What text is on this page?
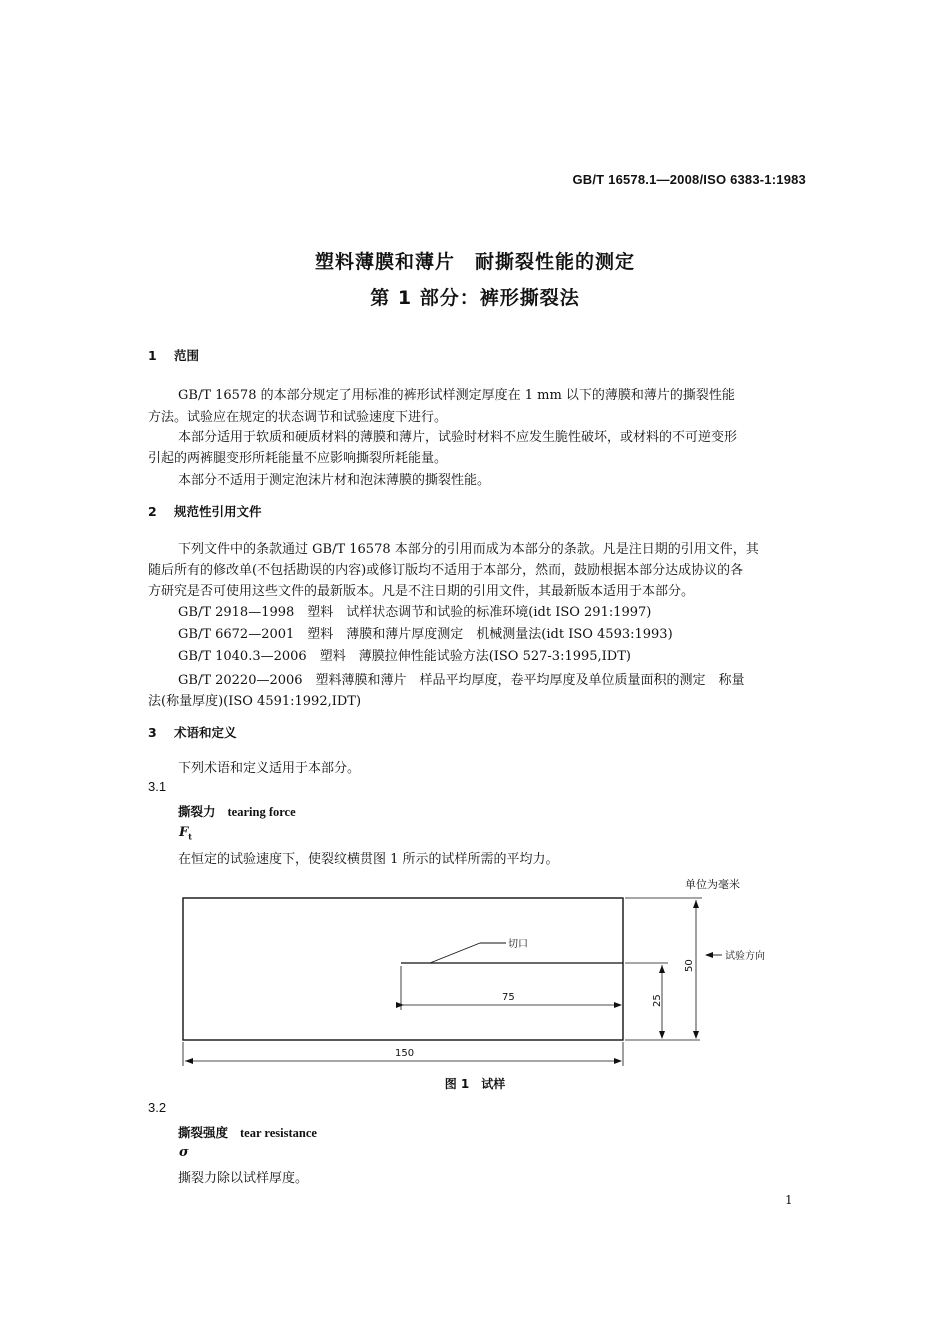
GB/T 16578.1—2008/ISO 6383-1:1983
塑料薄膜和薄片　耐撕裂性能的测定
第 1 部分：裤形撕裂法
1 范围
GB/T 16578 的本部分规定了用标准的裤形试样测定厚度在 1 mm 以下的薄膜和薄片的撕裂性能
方法。试验应在规定的状态调节和试验速度下进行。
本部分适用于软质和硬质材料的薄膜和薄片，试验时材料不应发生脆性破坏，或材料的不可逆变形
引起的两裤腿变形所耗能量不应影响撕裂所耗能量。
本部分不适用于测定泡沫片材和泡沫薄膜的撕裂性能。
2 规范性引用文件
下列文件中的条款通过 GB/T 16578 本部分的引用而成为本部分的条款。凡是注日期的引用文件，其
随后所有的修改单(不包括勘误的内容)或修订版均不适用于本部分，然而，鼓励根据本部分达成协议的各
方研究是否可使用这些文件的最新版本。凡是不注日期的引用文件，其最新版本适用于本部分。
GB/T 2918—1998　塑料　试样状态调节和试验的标准环境(idt ISO 291:1997)
GB/T 6672—2001　塑料　薄膜和薄片厚度测定　机械测量法(idt ISO 4593:1993)
GB/T 1040.3—2006　塑料　薄膜拉伸性能试验方法(ISO 527-3:1995,IDT)
GB/T 20220—2006　塑料薄膜和薄片　样品平均厚度，卷平均厚度及单位质量面积的测定　称量
法(称量厚度)(ISO 4591:1992,IDT)
3 术语和定义
下列术语和定义适用于本部分。
3.1
撕裂力 tearing force
$F_t$
在恒定的试验速度下，使裂纹横贯图 1 所示的试样所需的平均力。
单位为毫米
切口
75
150
25
50
试验方向
图 1　试样
3.2
撕裂强度 tear resistance
σ
撕裂力除以试样厚度。
1
